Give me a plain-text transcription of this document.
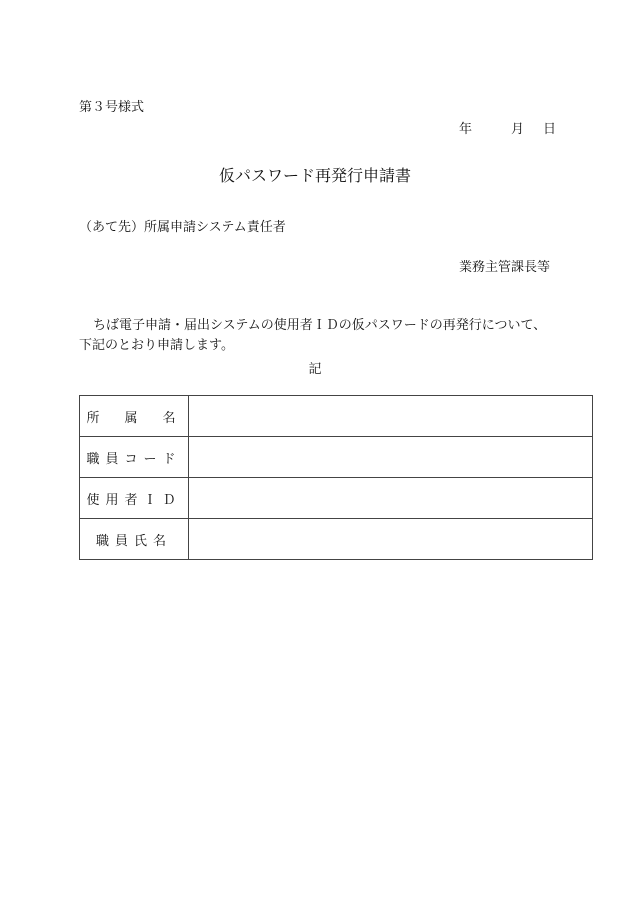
第３号様式
年	月 日
仮パスワード再発行申請書
（あて先）所属申請システム責任者
業務主管課長等
ちば電子申請・届出システムの使用者ＩＤの仮パスワードの再発行について、
下記のとおり申請します。
記
所　属　名	
職員コード	
使用者ＩＤ	
職員氏名	
